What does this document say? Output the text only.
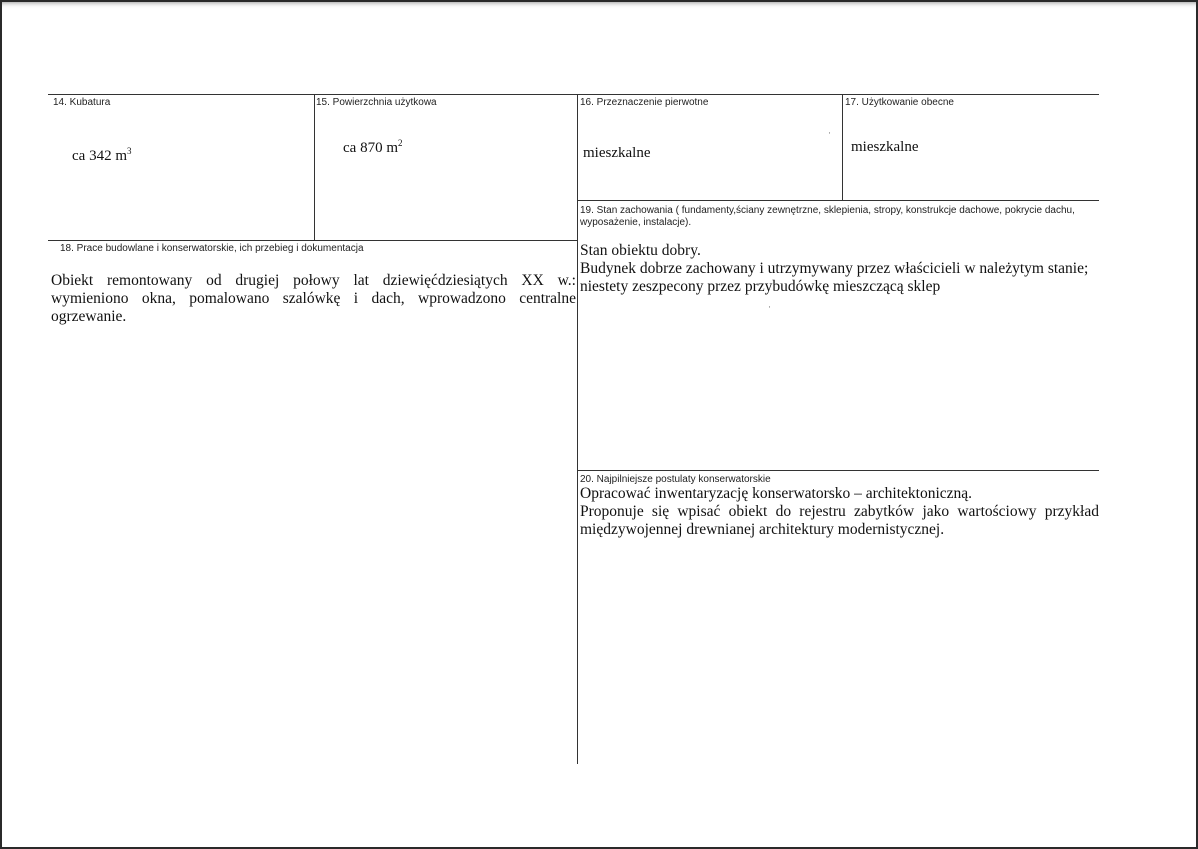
14. Kubatura
ca 342 $m^3$
15. Powierzchnia użytkowa
ca 870 $m^2$
16. Przeznaczenie pierwotne
mieszkalne
17. Użytkowanie obecne
mieszkalne
19. Stan zachowania ( fundamenty,ściany zewnętrzne, sklepienia, stropy, konstrukcje dachowe, pokrycie dachu, wyposażenie, instalacje).
Stan obiektu dobry.
Budynek dobrze zachowany i utrzymywany przez właścicieli w należytym stanie; niestety zeszpecony przez przybudówkę mieszczącą sklep
18. Prace budowlane i konserwatorskie, ich przebieg i dokumentacja
Obiekt remontowany od drugiej połowy lat dziewięćdziesiątych XX w.: wymieniono okna, pomalowano szalówkę i dach, wprowadzono centralne ogrzewanie.
20. Najpilniejsze postulaty konserwatorskie
Opracować inwentaryzację konserwatorsko – architektoniczną.
Proponuje się wpisać obiekt do rejestru zabytków jako wartościowy przykład międzywojennej drewnianej architektury modernistycznej.
·
·
